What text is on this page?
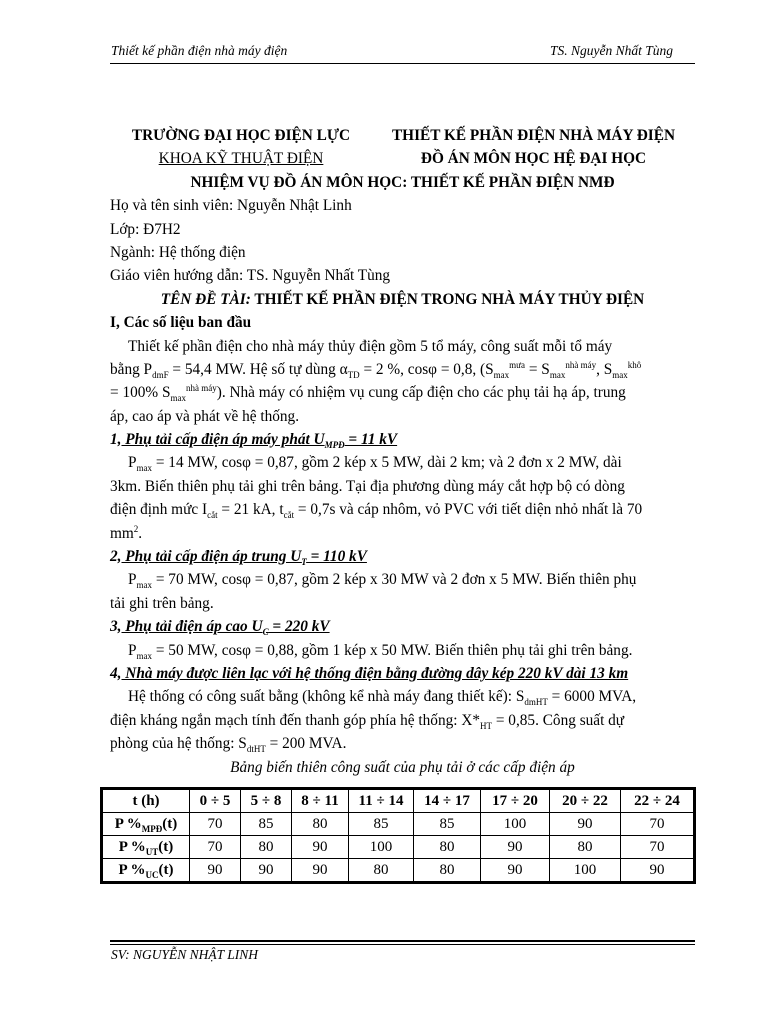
Thiết kế phần điện nhà máy điện	TS. Nguyễn Nhất Tùng
TRƯỜNG ĐẠI HỌC ĐIỆN LỰC	THIẾT KẾ PHẦN ĐIỆN NHÀ MÁY ĐIỆN
KHOA KỸ THUẬT ĐIỆN	ĐỒ ÁN MÔN HỌC HỆ ĐẠI HỌC
NHIỆM VỤ ĐỒ ÁN MÔN HỌC: THIẾT KẾ PHẦN ĐIỆN NMĐ
Họ và tên sinh viên: Nguyễn Nhật Linh
Lớp: Đ7H2
Ngành: Hệ thống điện
Giáo viên hướng dẫn: TS. Nguyễn Nhất Tùng
TÊN ĐỀ TÀI: THIẾT KẾ PHẦN ĐIỆN TRONG NHÀ MÁY THỦY ĐIỆN
I, Các số liệu ban đầu
Thiết kế phần điện cho nhà máy thủy điện gồm 5 tổ máy, công suất mỗi tổ máy
bằng $P_{dmF} = 54,4$ MW. Hệ số tự dùng $\alpha_{TD} = 2$ %, cosφ = 0,8, ($S_{max}^{mưa} = S_{max}^{nhà máy}$, $S_{max}^{khô}$
= 100% $S_{max}^{nhà máy}$). Nhà máy có nhiệm vụ cung cấp điện cho các phụ tải hạ áp, trung
áp, cao áp và phát về hệ thống.
1, Phụ tải cấp điện áp máy phát $U_{MPĐ} = 11$ kV
$P_{max} = 14$ MW, cosφ = 0,87, gồm 2 kép x 5 MW, dài 2 km; và 2 đơn x 2 MW, dài
3km. Biến thiên phụ tải ghi trên bảng. Tại địa phương dùng máy cắt hợp bộ có dòng
điện định mức $I_{cắt} = 21$ kA, $t_{cắt} = 0,7s$ và cáp nhôm, vỏ PVC với tiết diện nhỏ nhất là 70
$mm^2$.
2, Phụ tải cấp điện áp trung $U_T = 110$ kV
$P_{max} = 70$ MW, cosφ = 0,87, gồm 2 kép x 30 MW và 2 đơn x 5 MW. Biến thiên phụ
tải ghi trên bảng.
3, Phụ tải điện áp cao $U_C = 220$ kV
$P_{max} = 50$ MW, cosφ = 0,88, gồm 1 kép x 50 MW. Biến thiên phụ tải ghi trên bảng.
4, Nhà máy được liên lạc với hệ thống điện bằng đường dây kép 220 kV dài 13 km
Hệ thống có công suất bằng (không kể nhà máy đang thiết kế): $S_{dmHT} = 6000$ MVA,
điện kháng ngắn mạch tính đến thanh góp phía hệ thống: $X*_{HT} = 0,85$. Công suất dự
phòng của hệ thống: $S_{dtHT} = 200$ MVA.
Bảng biến thiên công suất của phụ tải ở các cấp điện áp
t (h)	0 ÷ 5	5 ÷ 8	8 ÷ 11	11 ÷ 14	14 ÷ 17	17 ÷ 20	20 ÷ 22	22 ÷ 24
P $\%_{MPĐ}(t)$	70	85	80	85	85	100	90	70
P $\%_{UT}(t)$	70	80	90	100	80	90	80	70
P $\%_{UC}(t)$	90	90	90	80	80	90	100	90
SV: NGUYỄN NHẬT LINH
